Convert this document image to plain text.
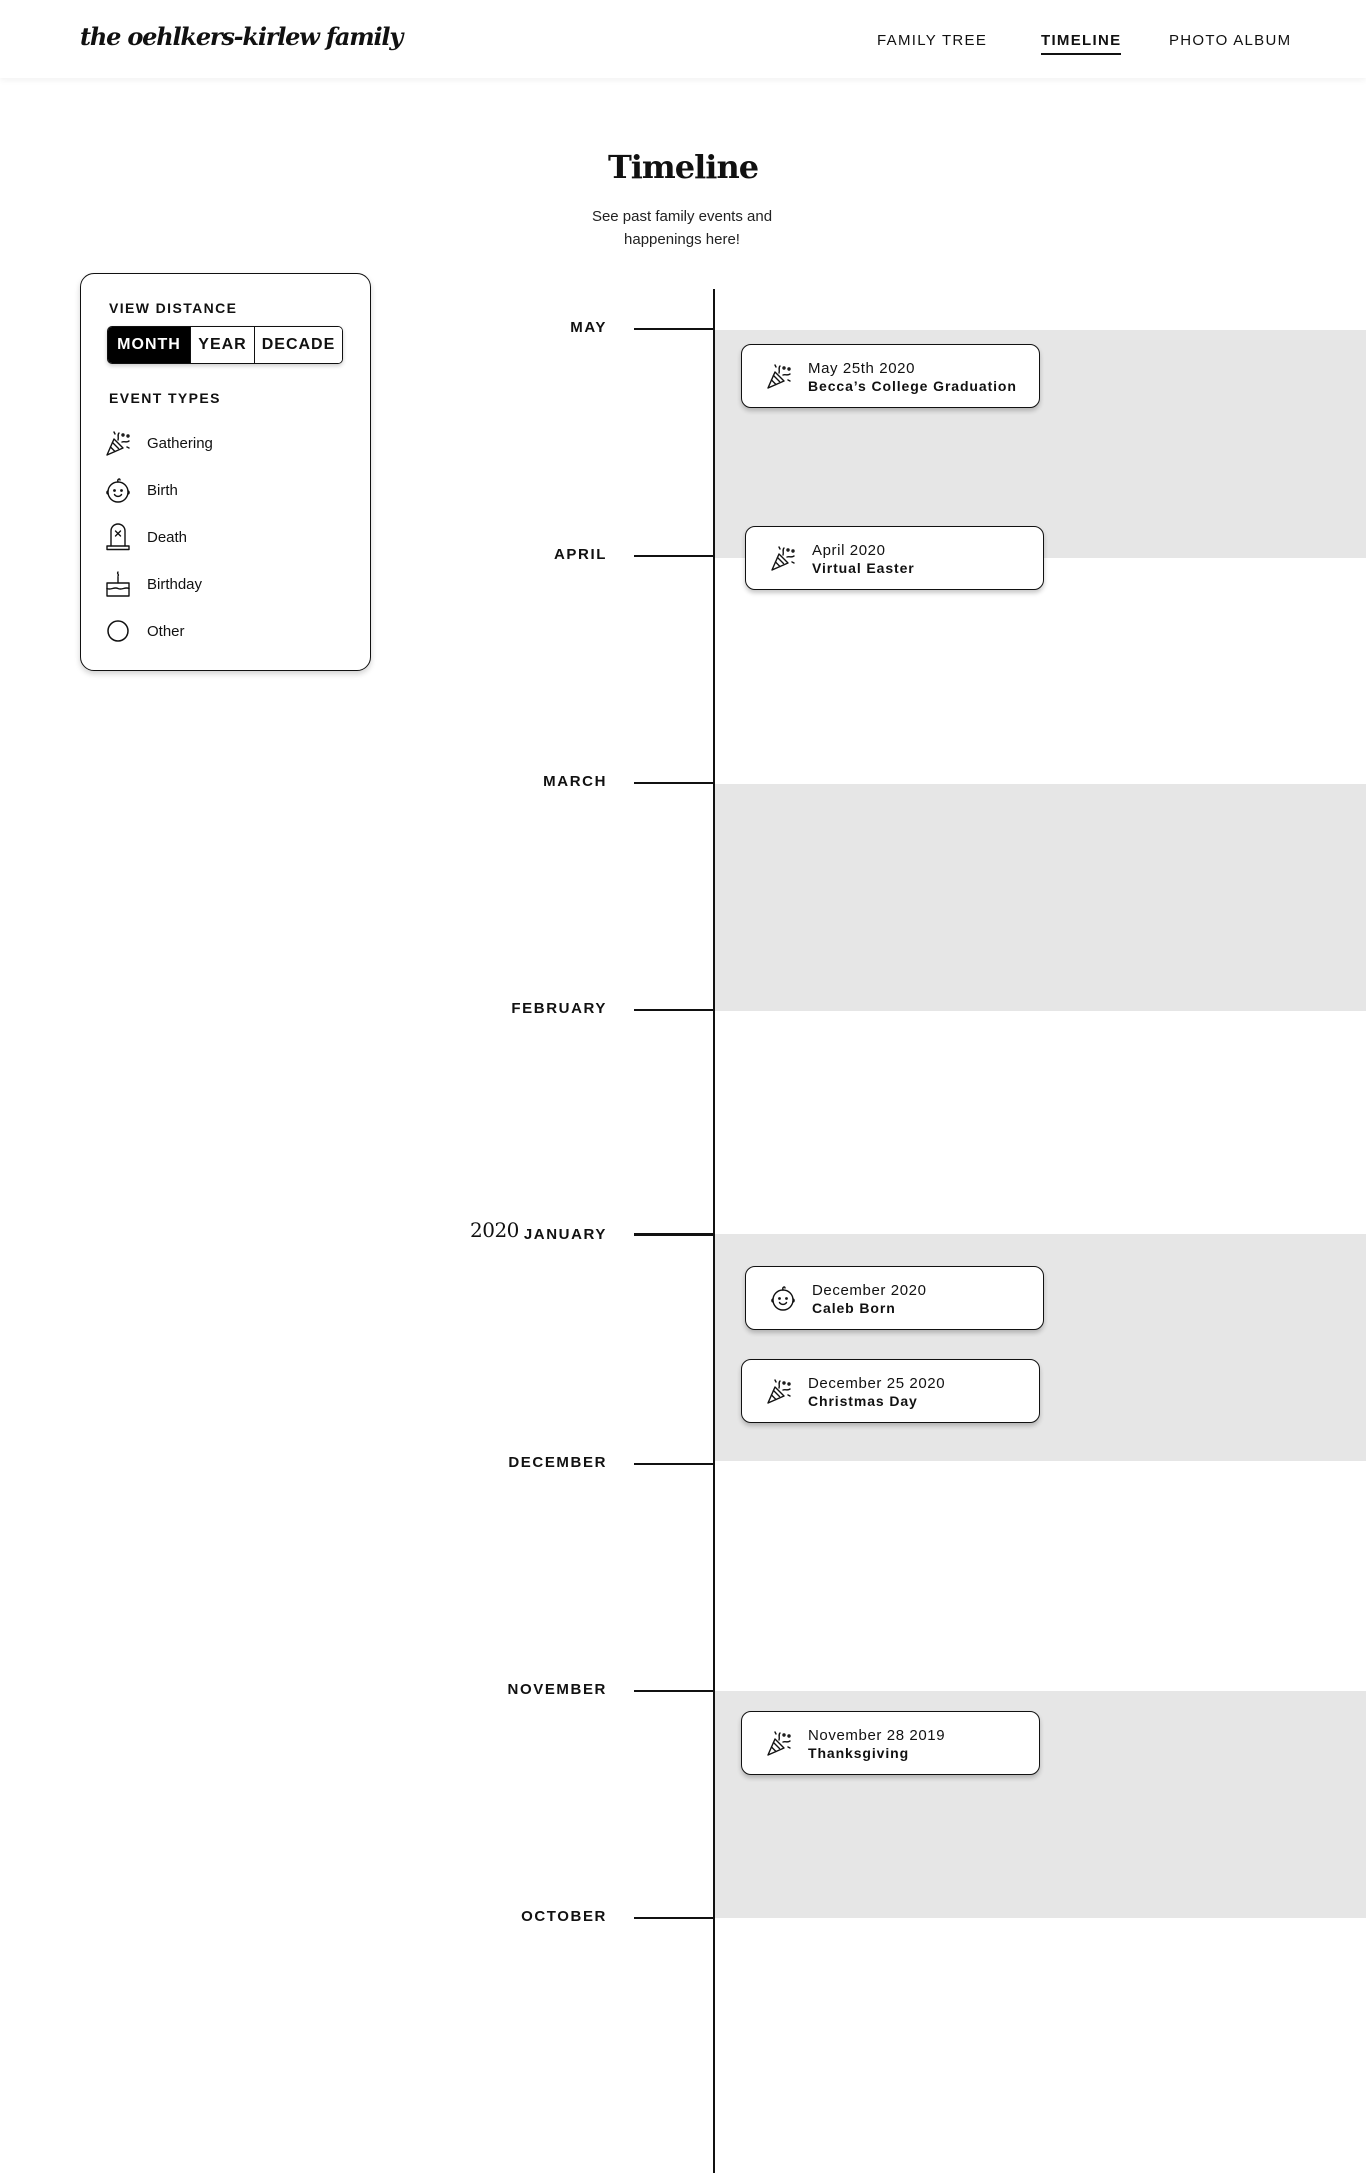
the oehlkers-kirlew family	FAMILY TREE	TIMELINE	PHOTO ALBUM
Timeline
See past family events and happenings here!
VIEW DISTANCE
MONTH	YEAR DECADE
EVENT TYPES
Gathering
Birth
Death
Birthday
Other
MAY
APRIL
MARCH
FEBRUARY
2020 JANUARY
DECEMBER
NOVEMBER
OCTOBER
May 25th 2020
Becca’s College Graduation
April 2020
Virtual Easter
December 2020
Caleb Born
December 25 2020
Christmas Day
November 28 2019
Thanksgiving
